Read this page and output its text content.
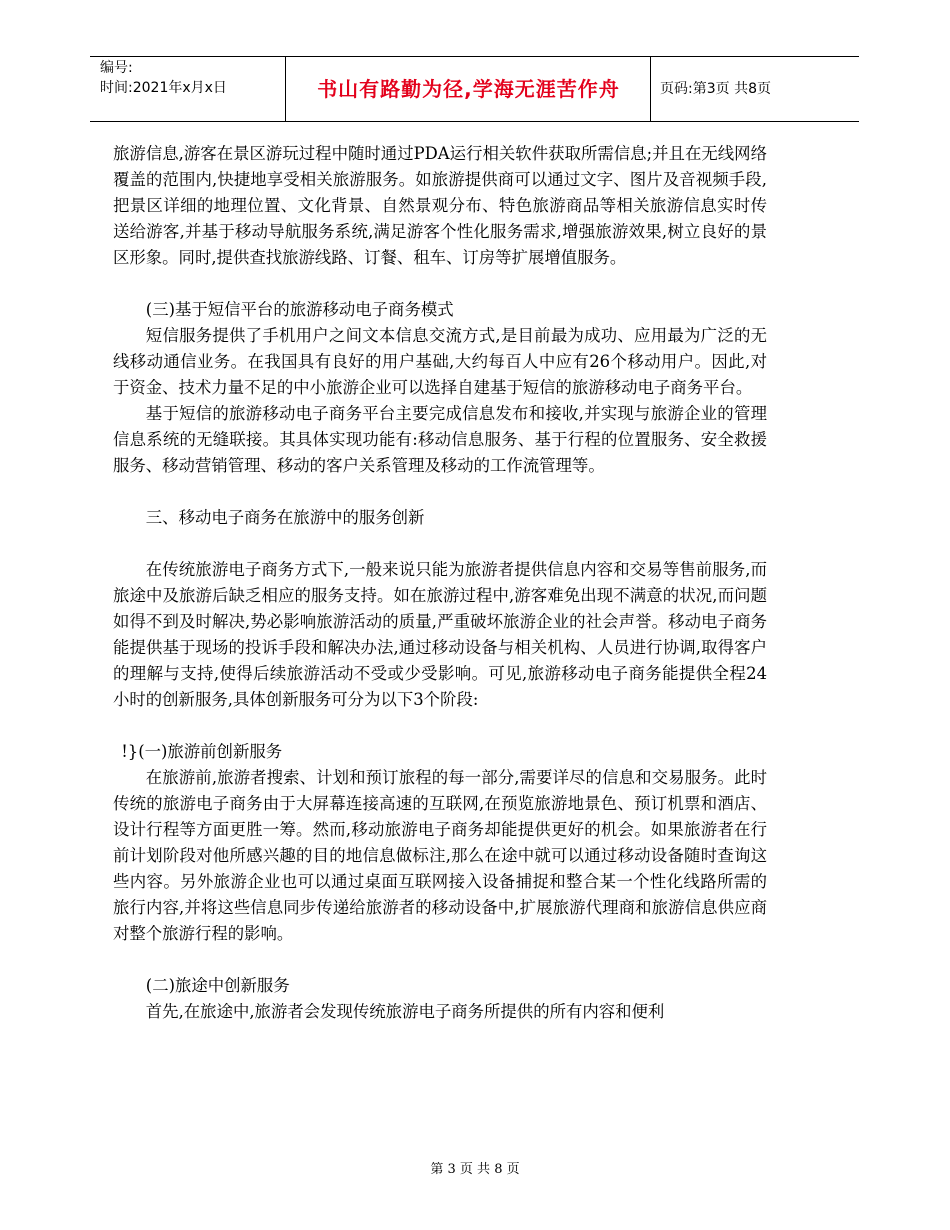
编号:
时间:2021年x月x日	书山有路勤为径,学海无涯苦作舟	页码:第3页 共8页

旅游信息,游客在景区游玩过程中随时通过PDA运行相关软件获取所需信息;并且在无线网络覆盖的范围内,快捷地享受相关旅游服务。如旅游提供商可以通过文字、图片及音视频手段,把景区详细的地理位置、文化背景、自然景观分布、特色旅游商品等相关旅游信息实时传送给游客,并基于移动导航服务系统,满足游客个性化服务需求,增强旅游效果,树立良好的景区形象。同时,提供查找旅游线路、订餐、租车、订房等扩展增值服务。

(三)基于短信平台的旅游移动电子商务模式

短信服务提供了手机用户之间文本信息交流方式,是目前最为成功、应用最为广泛的无线移动通信业务。在我国具有良好的用户基础,大约每百人中应有26个移动用户。因此,对于资金、技术力量不足的中小旅游企业可以选择自建基于短信的旅游移动电子商务平台。

基于短信的旅游移动电子商务平台主要完成信息发布和接收,并实现与旅游企业的管理信息系统的无缝联接。其具体实现功能有:移动信息服务、基于行程的位置服务、安全救援服务、移动营销管理、移动的客户关系管理及移动的工作流管理等。

三、移动电子商务在旅游中的服务创新

在传统旅游电子商务方式下,一般来说只能为旅游者提供信息内容和交易等售前服务,而旅途中及旅游后缺乏相应的服务支持。如在旅游过程中,游客难免出现不满意的状况,而问题如得不到及时解决,势必影响旅游活动的质量,严重破坏旅游企业的社会声誉。移动电子商务能提供基于现场的投诉手段和解决办法,通过移动设备与相关机构、人员进行协调,取得客户的理解与支持,使得后续旅游活动不受或少受影响。可见,旅游移动电子商务能提供全程24小时的创新服务,具体创新服务可分为以下3个阶段:

!}(一)旅游前创新服务

在旅游前,旅游者搜索、计划和预订旅程的每一部分,需要详尽的信息和交易服务。此时传统的旅游电子商务由于大屏幕连接高速的互联网,在预览旅游地景色、预订机票和酒店、设计行程等方面更胜一筹。然而,移动旅游电子商务却能提供更好的机会。如果旅游者在行前计划阶段对他所感兴趣的目的地信息做标注,那么在途中就可以通过移动设备随时查询这些内容。另外旅游企业也可以通过桌面互联网接入设备捕捉和整合某一个性化线路所需的旅行内容,并将这些信息同步传递给旅游者的移动设备中,扩展旅游代理商和旅游信息供应商对整个旅游行程的影响。

(二)旅途中创新服务

首先,在旅途中,旅游者会发现传统旅游电子商务所提供的所有内容和便利

第 3 页 共 8 页
